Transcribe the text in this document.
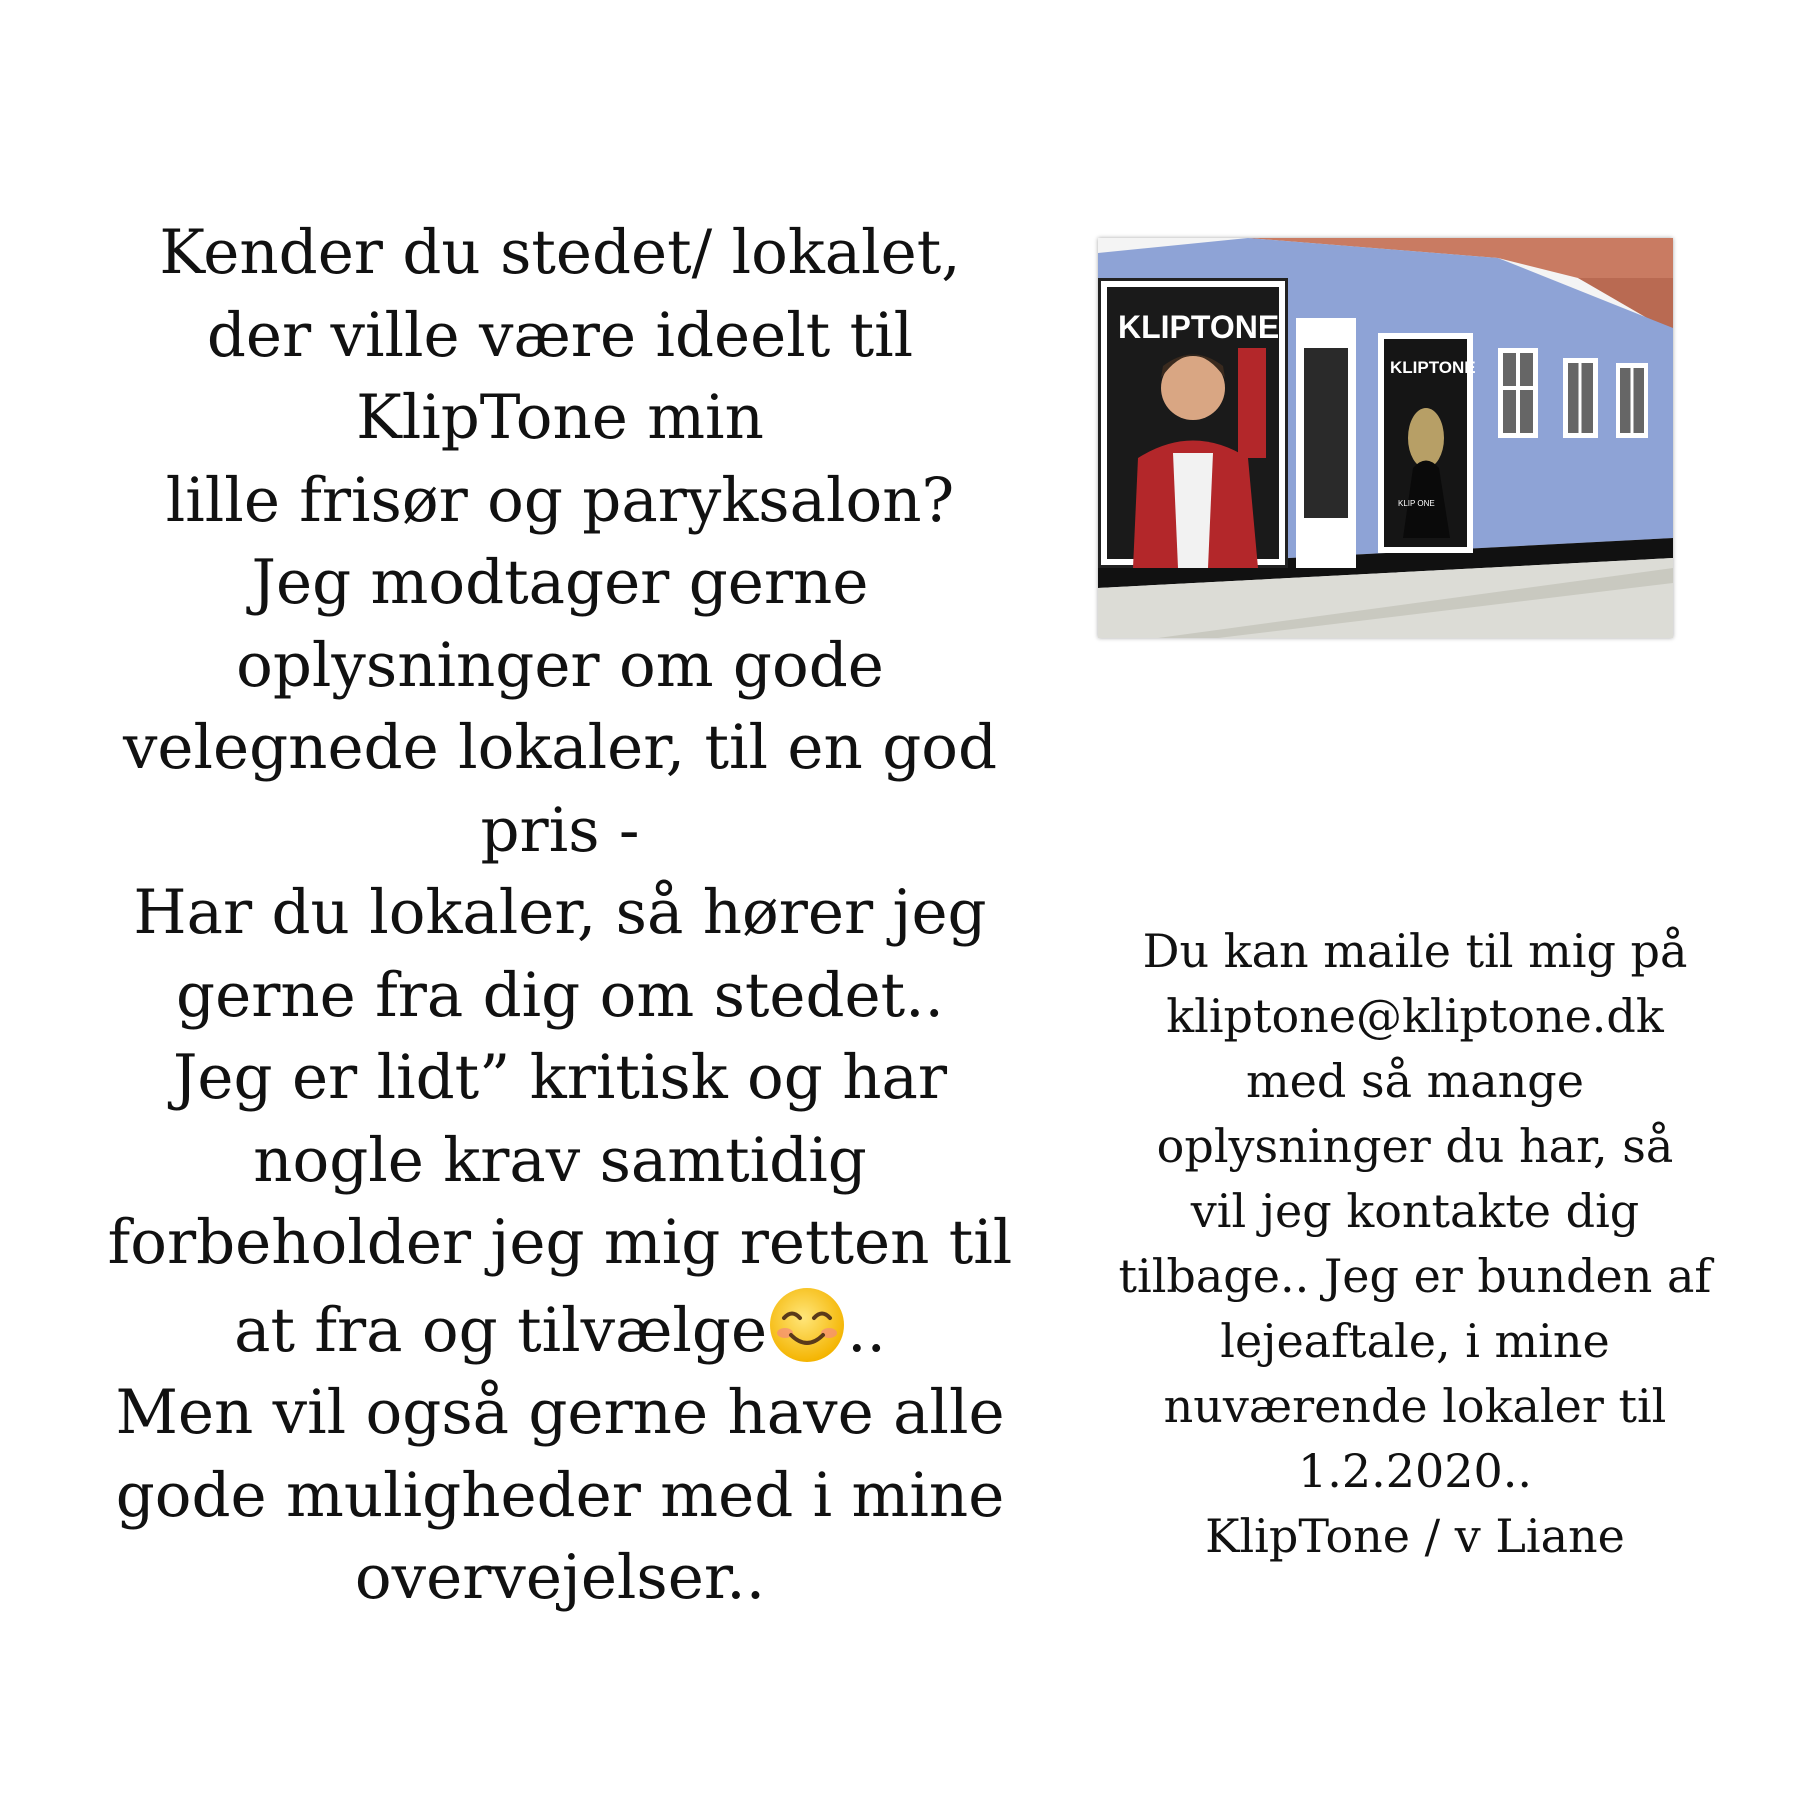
Kender du stedet/ lokalet,
der ville være ideelt til
KlipTone min
lille frisør og paryksalon?
Jeg modtager gerne
oplysninger om gode
velegnede lokaler, til en god
pris -
Har du lokaler, så hører jeg
gerne fra dig om stedet..
Jeg er lidt” kritisk og har
nogle krav samtidig
forbeholder jeg mig retten til
at fra og tilvælge ..
Men vil også gerne have alle
gode muligheder med i mine
overvejelser..
KLIPTONE
KLIPTONE
KLIP ONE
Du kan maile til mig på
kliptone@kliptone.dk
med så mange
oplysninger du har, så
vil jeg kontakte dig
tilbage.. Jeg er bunden af
lejeaftale, i mine
nuværende lokaler til
1.2.2020..
KlipTone / v Liane
